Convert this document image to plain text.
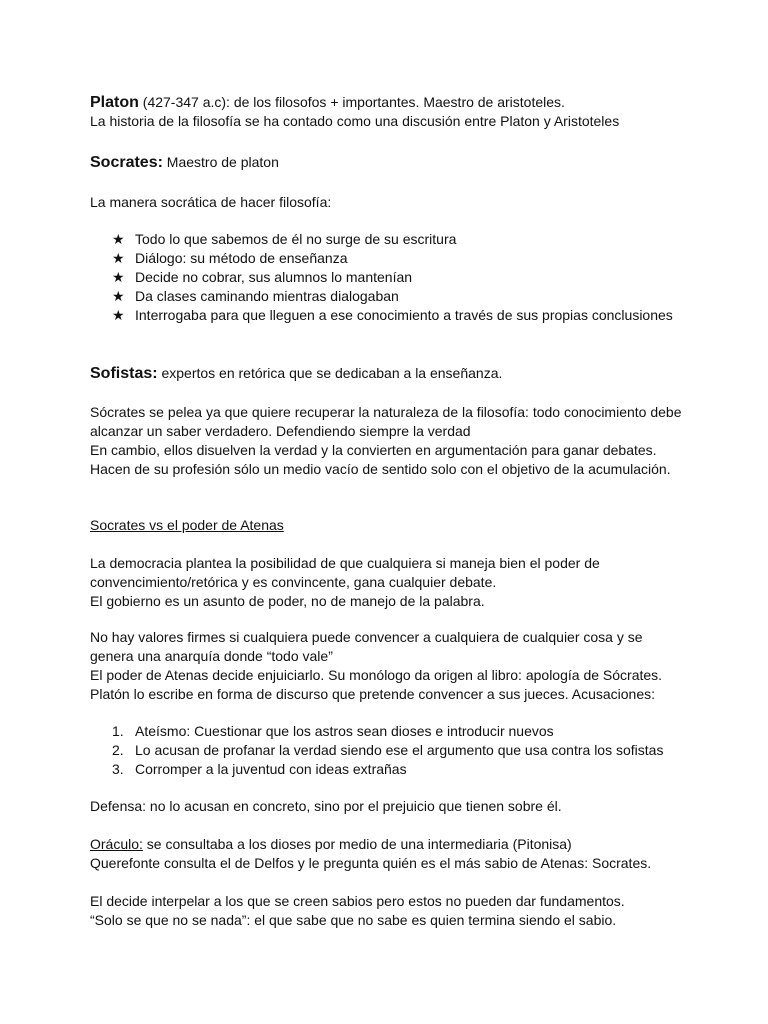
Platon (427-347 a.c): de los filosofos + importantes. Maestro de aristoteles.
La historia de la filosofía se ha contado como una discusión entre Platon y Aristoteles
Socrates: Maestro de platon
La manera socrática de hacer filosofía:
★ Todo lo que sabemos de él no surge de su escritura
★ Diálogo: su método de enseñanza
★ Decide no cobrar, sus alumnos lo mantenían
★ Da clases caminando mientras dialogaban
★ Interrogaba para que lleguen a ese conocimiento a través de sus propias conclusiones
Sofistas: expertos en retórica que se dedicaban a la enseñanza.
Sócrates se pelea ya que quiere recuperar la naturaleza de la filosofía: todo conocimiento debe
alcanzar un saber verdadero. Defendiendo siempre la verdad
En cambio, ellos disuelven la verdad y la convierten en argumentación para ganar debates.
Hacen de su profesión sólo un medio vacío de sentido solo con el objetivo de la acumulación.
Socrates vs el poder de Atenas
La democracia plantea la posibilidad de que cualquiera si maneja bien el poder de
convencimiento/retórica y es convincente, gana cualquier debate.
El gobierno es un asunto de poder, no de manejo de la palabra.
No hay valores firmes si cualquiera puede convencer a cualquiera de cualquier cosa y se
genera una anarquía donde “todo vale”
El poder de Atenas decide enjuiciarlo. Su monólogo da origen al libro: apología de Sócrates.
Platón lo escribe en forma de discurso que pretende convencer a sus jueces. Acusaciones:
1. Ateísmo: Cuestionar que los astros sean dioses e introducir nuevos
2. Lo acusan de profanar la verdad siendo ese el argumento que usa contra los sofistas
3. Corromper a la juventud con ideas extrañas
Defensa: no lo acusan en concreto, sino por el prejuicio que tienen sobre él.
Oráculo: se consultaba a los dioses por medio de una intermediaria (Pitonisa)
Querefonte consulta el de Delfos y le pregunta quién es el más sabio de Atenas: Socrates.
El decide interpelar a los que se creen sabios pero estos no pueden dar fundamentos.
“Solo se que no se nada”: el que sabe que no sabe es quien termina siendo el sabio.
